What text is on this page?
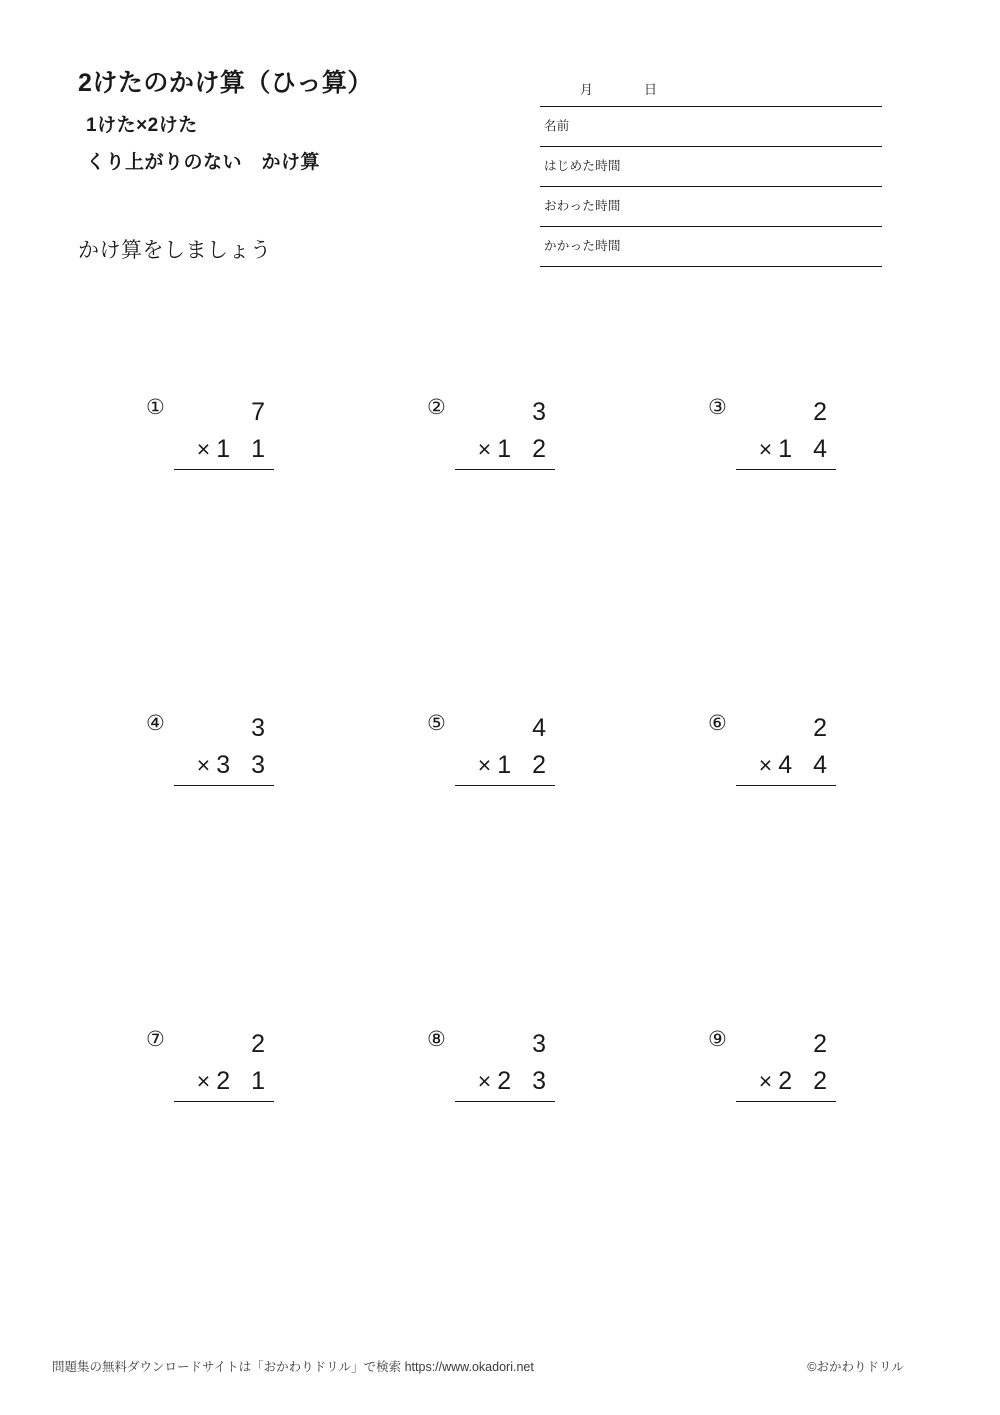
2けたのかけ算（ひっ算）
1けた×2けた
くり上がりのない　かけ算
かけ算をしましょう
月	日
名前
はじめた時間
おわった時間
かかった時間
①	7
× 1 1
②	3
× 1 2
③	2
× 1 4
④	3
× 3 3
⑤	4
× 1 2
⑥	2
× 4 4
⑦	2
× 2 1
⑧	3
× 2 3
⑨	2
× 2 2
問題集の無料ダウンロードサイトは「おかわりドリル」で検索 https://www.okadori.net	©おかわりドリル
